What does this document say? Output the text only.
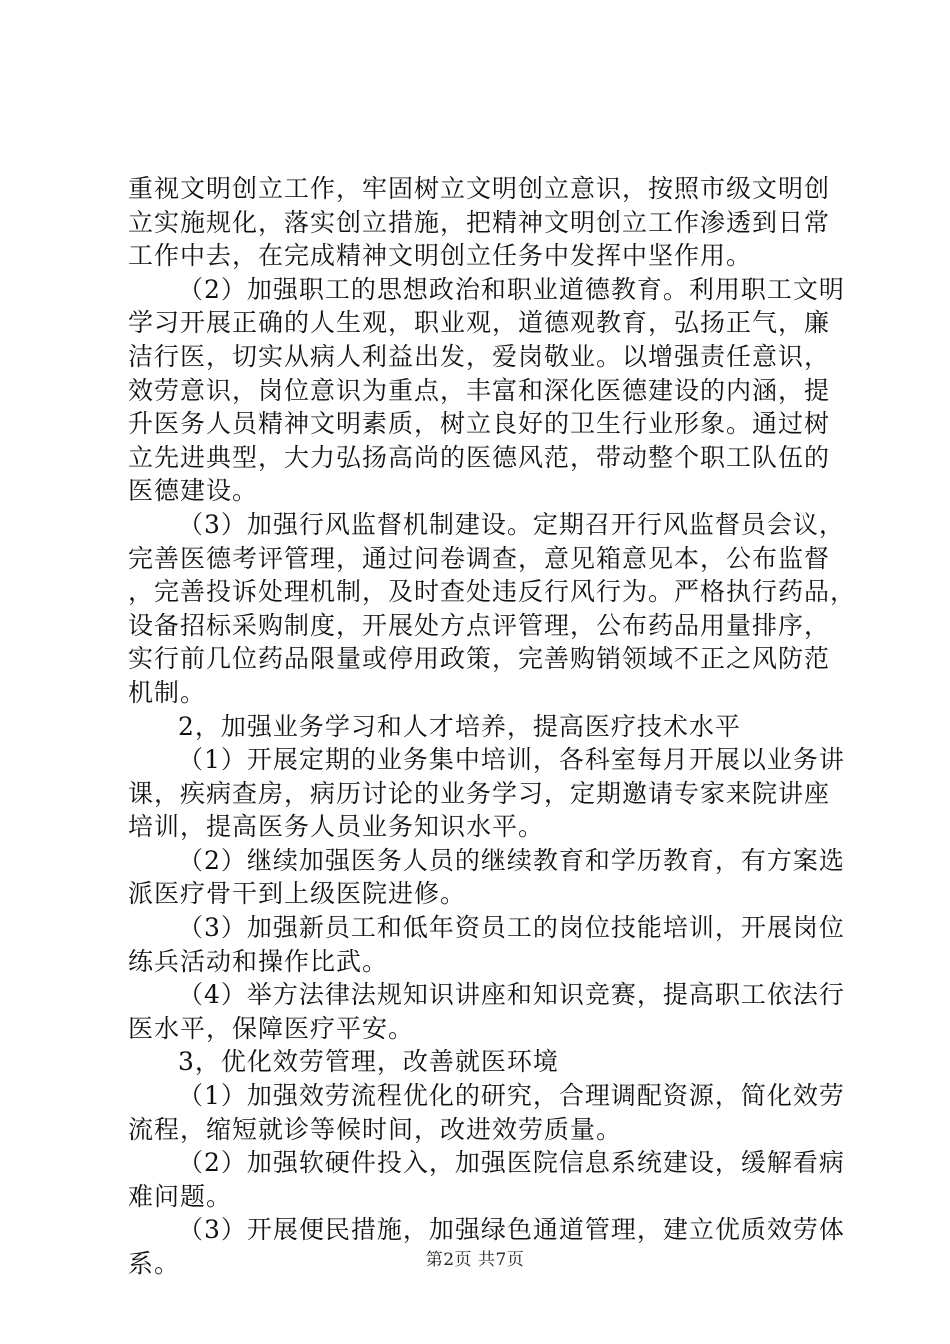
重视文明创立工作，牢固树立文明创立意识，按照市级文明创
立实施规化，落实创立措施，把精神文明创立工作渗透到日常
工作中去，在完成精神文明创立任务中发挥中坚作用。
（2）加强职工的思想政治和职业道德教育。利用职工文明
学习开展正确的人生观，职业观，道德观教育，弘扬正气，廉
洁行医，切实从病人利益出发，爱岗敬业。以增强责任意识，
效劳意识，岗位意识为重点，丰富和深化医德建设的内涵，提
升医务人员精神文明素质，树立良好的卫生行业形象。通过树
立先进典型，大力弘扬高尚的医德风范，带动整个职工队伍的
医德建设。
（3）加强行风监督机制建设。定期召开行风监督员会议，
完善医德考评管理，通过问卷调查，意见箱意见本，公布监督
，完善投诉处理机制，及时查处违反行风行为。严格执行药品，
设备招标采购制度，开展处方点评管理，公布药品用量排序，
实行前几位药品限量或停用政策，完善购销领域不正之风防范
机制。
2，加强业务学习和人才培养，提高医疗技术水平
（1）开展定期的业务集中培训，各科室每月开展以业务讲
课，疾病查房，病历讨论的业务学习，定期邀请专家来院讲座
培训，提高医务人员业务知识水平。
（2）继续加强医务人员的继续教育和学历教育，有方案选
派医疗骨干到上级医院进修。
（3）加强新员工和低年资员工的岗位技能培训，开展岗位
练兵活动和操作比武。
（4）举方法律法规知识讲座和知识竞赛，提高职工依法行
医水平，保障医疗平安。
3，优化效劳管理，改善就医环境
（1）加强效劳流程优化的研究，合理调配资源，简化效劳
流程，缩短就诊等候时间，改进效劳质量。
（2）加强软硬件投入，加强医院信息系统建设，缓解看病
难问题。
（3）开展便民措施，加强绿色通道管理，建立优质效劳体
系。	第2页 共7页
